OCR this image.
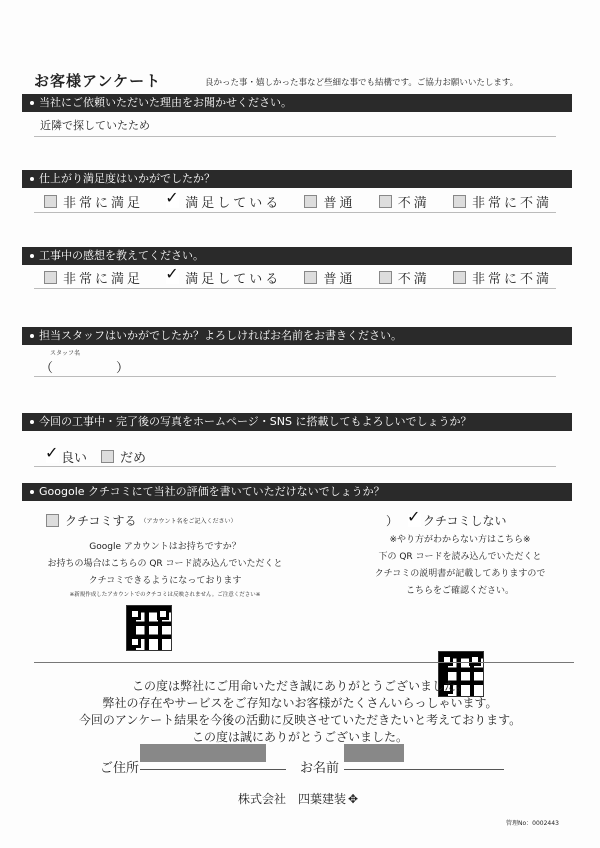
お客様アンケート	良かった事・嬉しかった事など些細な事でも結構です。ご協力お願いいたします。
当社にご依頼いただいた理由をお聞かせください。
近隣で探していたため
仕上がり満足度はいかがでしたか？
非常に満足 ✓ 満足している	普通	不満	非常に不満
工事中の感想を教えてください。
非常に満足 ✓ 満足している	普通	不満	非常に不満
担当スタッフはいかがでしたか？よろしければお名前をお書きください。
スタッフ名
（	）
今回の工事中・完了後の写真をホームページ・SNS に搭載してもよろしいでしょうか？
✓ 良い	だめ
Googole クチコミにて当社の評価を書いていただけないでしょうか？
クチコミする （アカウント名をご記入ください）	） ✓ クチコミしない
Google アカウントはお持ちですか？
お持ちの場合はこちらの QR コード読み込んでいただくと
クチコミできるようになっております
※新規作成したアカウントでのクチコミは反映されません。ご注意ください※
※やり方がわからない方はこちら※
下の QR コードを読み込んでいただくと
クチコミの説明書が記載してありますので
こちらをご確認ください。
この度は弊社にご用命いただき誠にありがとうございました。
弊社の存在やサービスをご存知ないお客様がたくさんいらっしゃいます。
今回のアンケート結果を今後の活動に反映させていただきたいと考えております。
この度は誠にありがとうございました。
ご住所	お名前
株式会社　四葉建装 ✥
管理No：0002443
